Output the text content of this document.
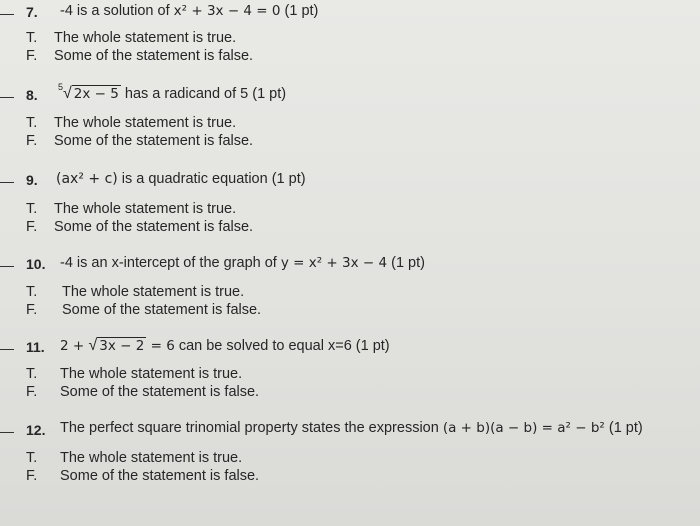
7. -4 is a solution of x² + 3x − 4 = 0 (1 pt)
T. The whole statement is true.
F. Some of the statement is false.
8. $^5$√ 2x − 5 has a radicand of 5 (1 pt)
T. The whole statement is true.
F. Some of the statement is false.
9. (ax² + c) is a quadratic equation (1 pt)
T. The whole statement is true.
F. Some of the statement is false.
10. -4 is an x-intercept of the graph of y = x² + 3x − 4 (1 pt)
T. The whole statement is true.
F. Some of the statement is false.
11. 2 + √ 3x − 2 = 6 can be solved to equal x=6 (1 pt)
T. The whole statement is true.
F. Some of the statement is false.
12. The perfect square trinomial property states the expression (a + b)(a − b) = a² − b² (1 pt)
T. The whole statement is true.
F. Some of the statement is false.
